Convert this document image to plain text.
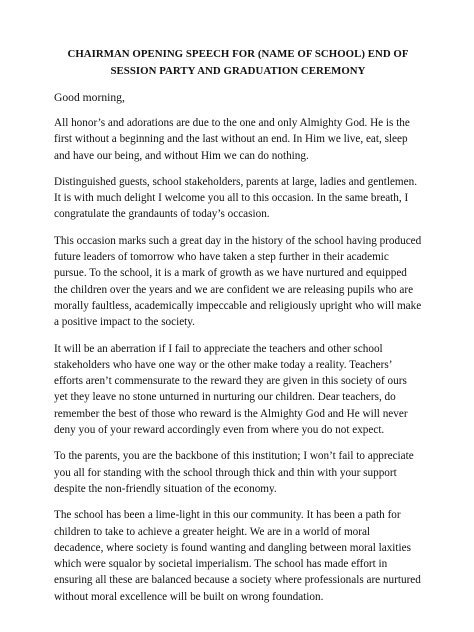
CHAIRMAN OPENING SPEECH FOR (NAME OF SCHOOL) END OF
SESSION PARTY AND GRADUATION CEREMONY

Good morning,

All honor’s and adorations are due to the one and only Almighty God. He is the first without a beginning and the last without an end. In Him we live, eat, sleep and have our being, and without Him we can do nothing.

Distinguished guests, school stakeholders, parents at large, ladies and gentlemen. It is with much delight I welcome you all to this occasion. In the same breath, I congratulate the grandaunts of today’s occasion.

This occasion marks such a great day in the history of the school having produced future leaders of tomorrow who have taken a step further in their academic pursue. To the school, it is a mark of growth as we have nurtured and equipped the children over the years and we are confident we are releasing pupils who are morally faultless, academically impeccable and religiously upright who will make a positive impact to the society.

It will be an aberration if I fail to appreciate the teachers and other school stakeholders who have one way or the other make today a reality. Teachers’ efforts aren’t commensurate to the reward they are given in this society of ours yet they leave no stone unturned in nurturing our children. Dear teachers, do remember the best of those who reward is the Almighty God and He will never deny you of your reward accordingly even from where you do not expect.

To the parents, you are the backbone of this institution; I won’t fail to appreciate you all for standing with the school through thick and thin with your support despite the non-friendly situation of the economy.

The school has been a lime-light in this our community. It has been a path for children to take to achieve a greater height. We are in a world of moral decadence, where society is found wanting and dangling between moral laxities which were squalor by societal imperialism. The school has made effort in ensuring all these are balanced because a society where professionals are nurtured without moral excellence will be built on wrong foundation.
